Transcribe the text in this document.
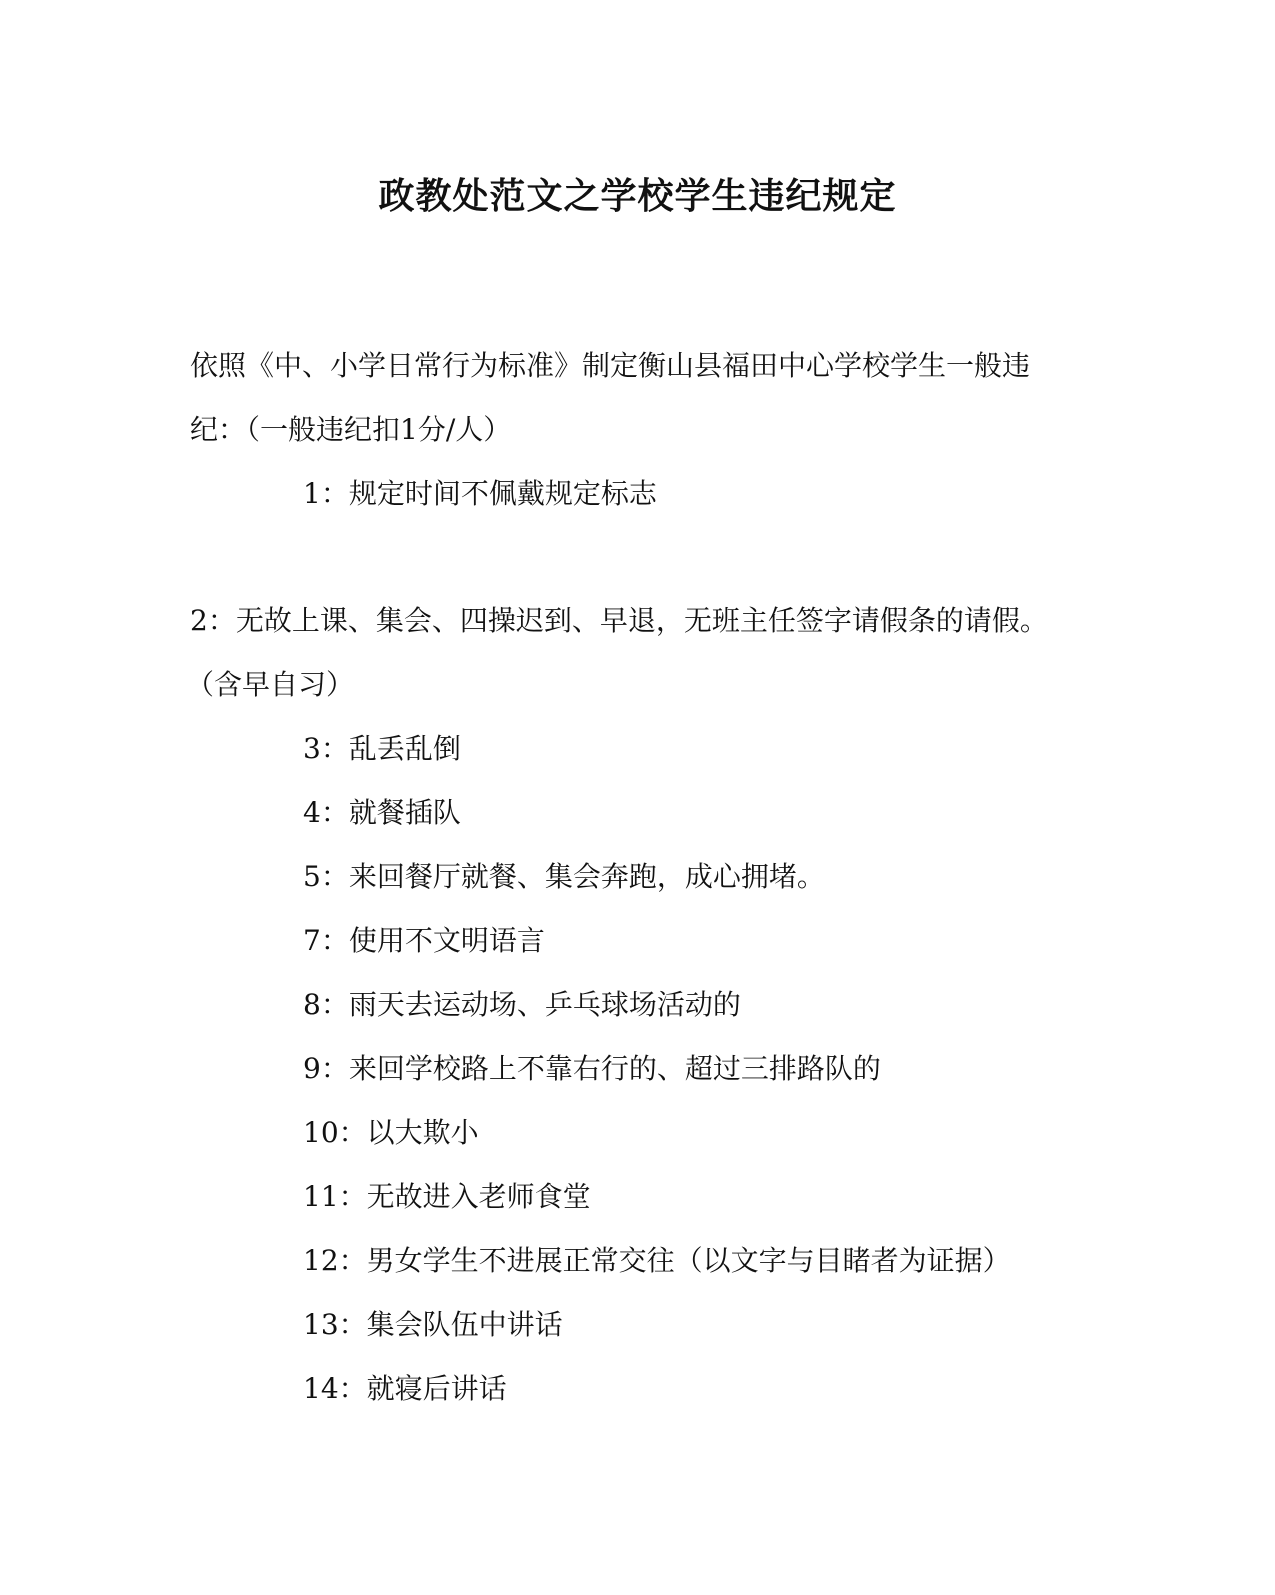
政教处范文之学校学生违纪规定
依照《中、小学日常行为标准》制定衡山县福田中心学校学生一般违
纪：（一般违纪扣1分/人）
1：规定时间不佩戴规定标志
2：无故上课、集会、四操迟到、早退，无班主任签字请假条的请假。
（含早自习）
3：乱丢乱倒
4：就餐插队
5：来回餐厅就餐、集会奔跑，成心拥堵。
7：使用不文明语言
8：雨天去运动场、乒乓球场活动的
9：来回学校路上不靠右行的、超过三排路队的
10：以大欺小
11：无故进入老师食堂
12：男女学生不进展正常交往（以文字与目睹者为证据）
13：集会队伍中讲话
14：就寝后讲话
